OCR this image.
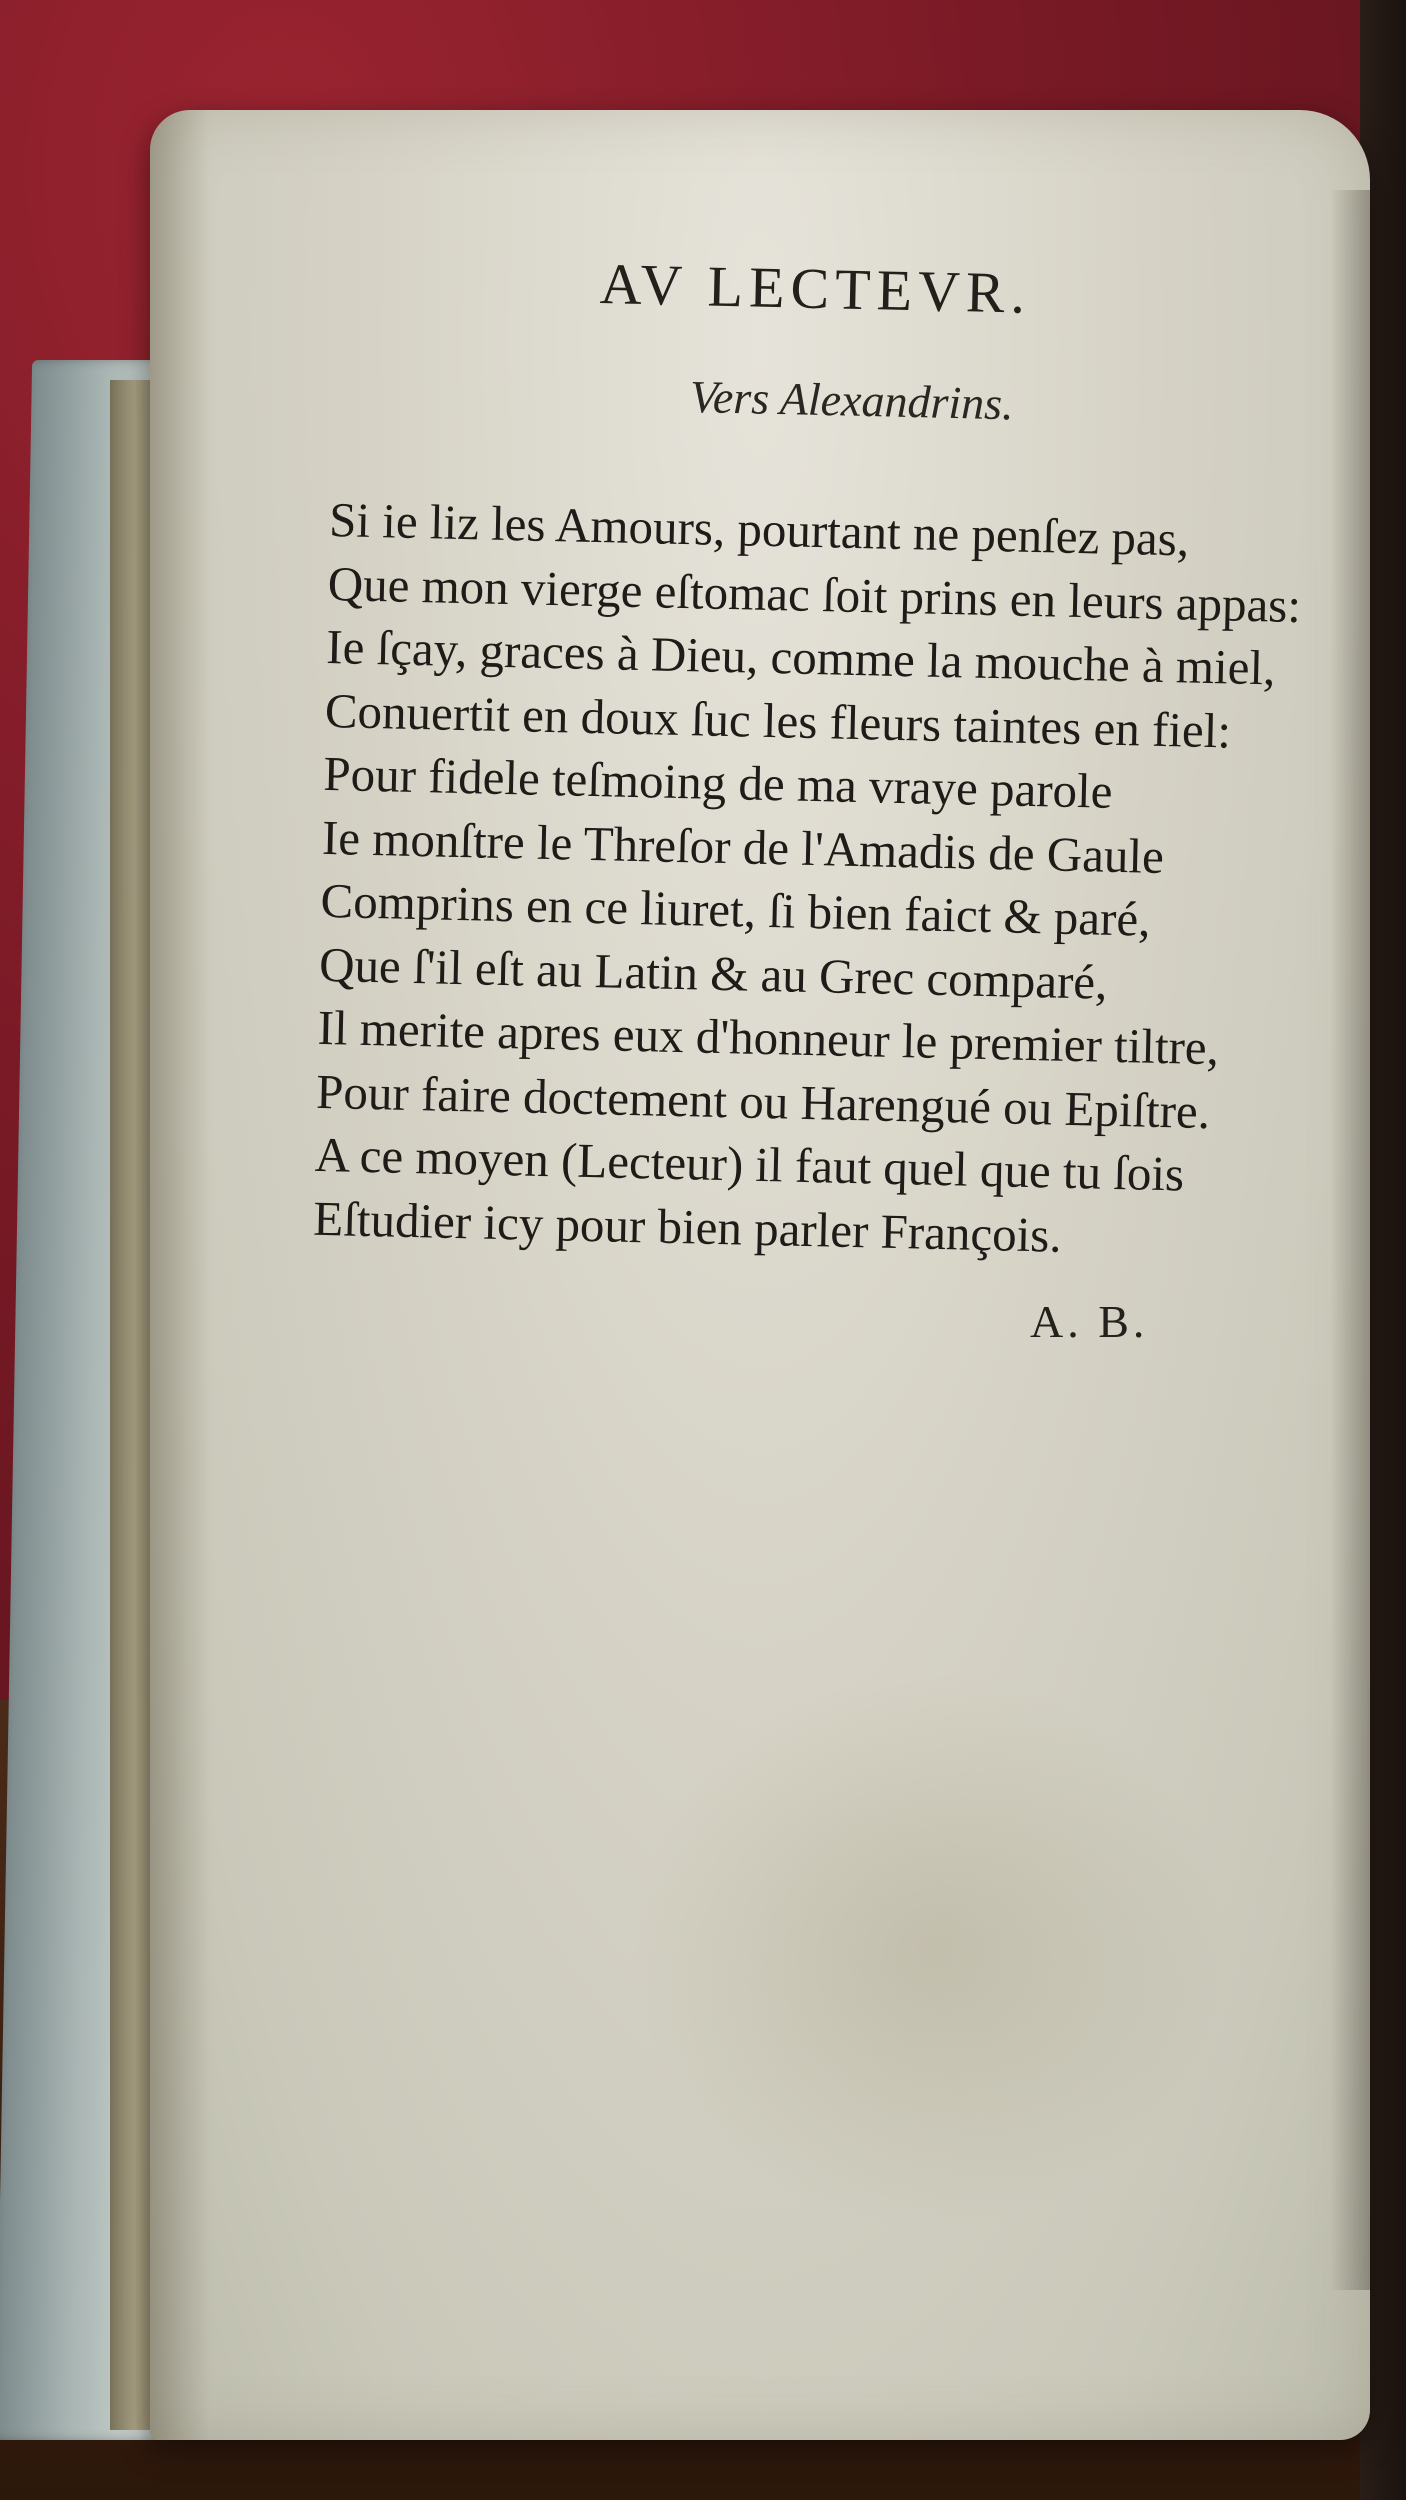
AV LECTEVR.
Vers Alexandrins.
Si ie liz les Amours, pourtant ne penſez pas,
Que mon vierge eſtomac ſoit prins en leurs appas:
Ie ſçay, graces à Dieu, comme la mouche à miel,
Conuertit en doux ſuc les fleurs taintes en fiel:
Pour fidele teſmoing de ma vraye parole
Ie monſtre le Threſor de l'Amadis de Gaule
Comprins en ce liuret, ſi bien faict & paré,
Que ſ'il eſt au Latin & au Grec comparé,
Il merite apres eux d'honneur le premier tiltre,
Pour faire doctement ou Harengué ou Epiſtre.
A ce moyen (Lecteur) il faut quel que tu ſois
Eſtudier icy pour bien parler François.
A. B.
